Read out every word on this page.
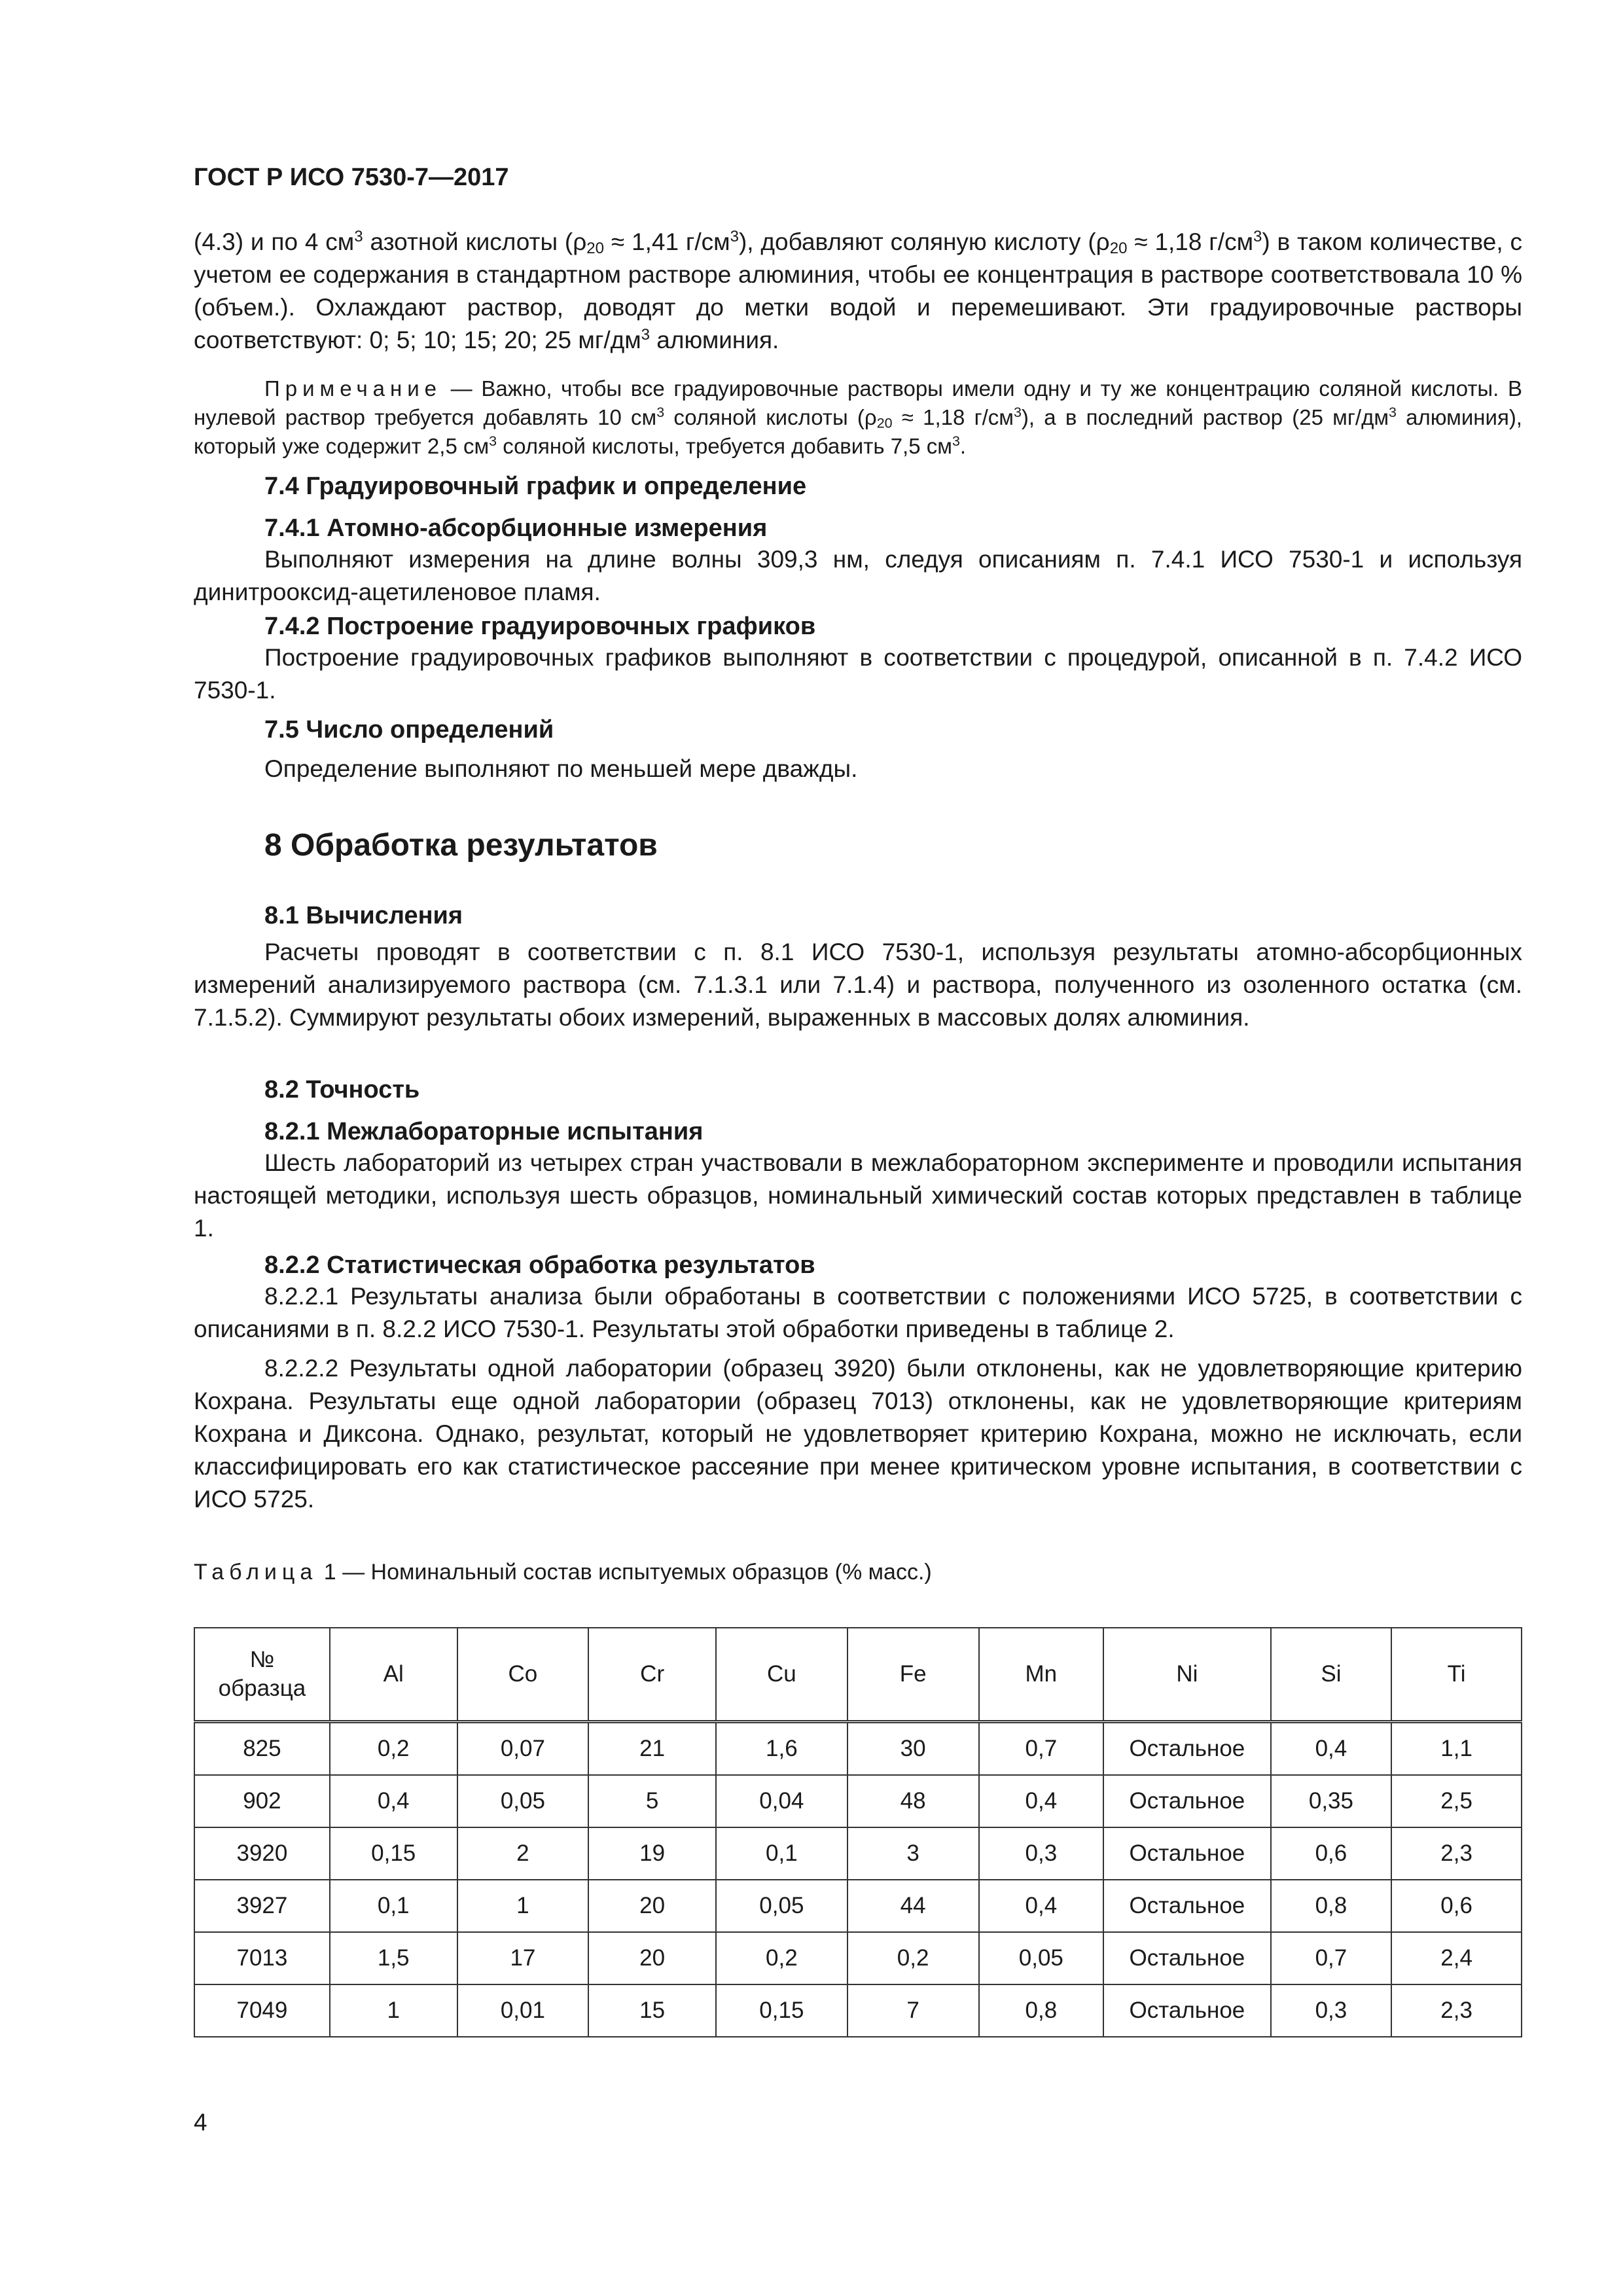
ГОСТ Р ИСО 7530-7—2017

(4.3) и по 4 $см^3$ азотной кислоты ($\rho_{20} \approx 1,41$ $г/см^3$), добавляют соляную кислоту ($\rho_{20} \approx 1,18$ $г/см^3$) в таком количестве, с учетом ее содержания в стандартном растворе алюминия, чтобы ее концентрация в растворе соответствовала 10 % (объем.). Охлаждают раствор, доводят до метки водой и перемешивают. Эти градуировочные растворы соответствуют: 0; 5; 10; 15; 20; 25 $мг/дм^3$ алюминия.

Примечание — Важно, чтобы все градуировочные растворы имели одну и ту же концентрацию соляной кислоты. В нулевой раствор требуется добавлять 10 $см^3$ соляной кислоты ($\rho_{20} \approx 1,18$ $г/см^3$), а в последний раствор (25 $мг/дм^3$ алюминия), который уже содержит 2,5 $см^3$ соляной кислоты, требуется добавить 7,5 $см^3$.

7.4 Градуировочный график и определение
7.4.1 Атомно-абсорбционные измерения

Выполняют измерения на длине волны 309,3 нм, следуя описаниям п. 7.4.1 ИСО 7530-1 и используя динитрооксид-ацетиленовое пламя.

7.4.2 Построение градуировочных графиков

Построение градуировочных графиков выполняют в соответствии с процедурой, описанной в п. 7.4.2 ИСО 7530-1.

7.5 Число определений

Определение выполняют по меньшей мере дважды.

8 Обработка результатов
8.1 Вычисления

Расчеты проводят в соответствии с п. 8.1 ИСО 7530-1, используя результаты атомно-абсорбционных измерений анализируемого раствора (см. 7.1.3.1 или 7.1.4) и раствора, полученного из озоленного остатка (см. 7.1.5.2). Суммируют результаты обоих измерений, выраженных в массовых долях алюминия.

8.2 Точность
8.2.1 Межлабораторные испытания

Шесть лабораторий из четырех стран участвовали в межлабораторном эксперименте и проводили испытания настоящей методики, используя шесть образцов, номинальный химический состав которых представлен в таблице 1.

8.2.2 Статистическая обработка результатов

8.2.2.1 Результаты анализа были обработаны в соответствии с положениями ИСО 5725, в соответствии с описаниями в п. 8.2.2 ИСО 7530-1. Результаты этой обработки приведены в таблице 2.

8.2.2.2 Результаты одной лаборатории (образец 3920) были отклонены, как не удовлетворяющие критерию Кохрана. Результаты еще одной лаборатории (образец 7013) отклонены, как не удовлетворяющие критериям Кохрана и Диксона. Однако, результат, который не удовлетворяет критерию Кохрана, можно не исключать, если классифицировать его как статистическое рассеяние при менее критическом уровне испытания, в соответствии с ИСО 5725.

Таблица 1 — Номинальный состав испытуемых образцов (% масс.)
№
образца	Al	Co	Cr	Cu	Fe	Mn	Ni	Si	Ti
825	0,2	0,07	21	1,6	30	0,7	Остальное	0,4	1,1
902	0,4	0,05	5	0,04	48	0,4	Остальное	0,35	2,5
3920	0,15	2	19	0,1	3	0,3	Остальное	0,6	2,3
3927	0,1	1	20	0,05	44	0,4	Остальное	0,8	0,6
7013	1,5	17	20	0,2	0,2	0,05	Остальное	0,7	2,4
7049	1	0,01	15	0,15	7	0,8	Остальное	0,3	2,3
4
